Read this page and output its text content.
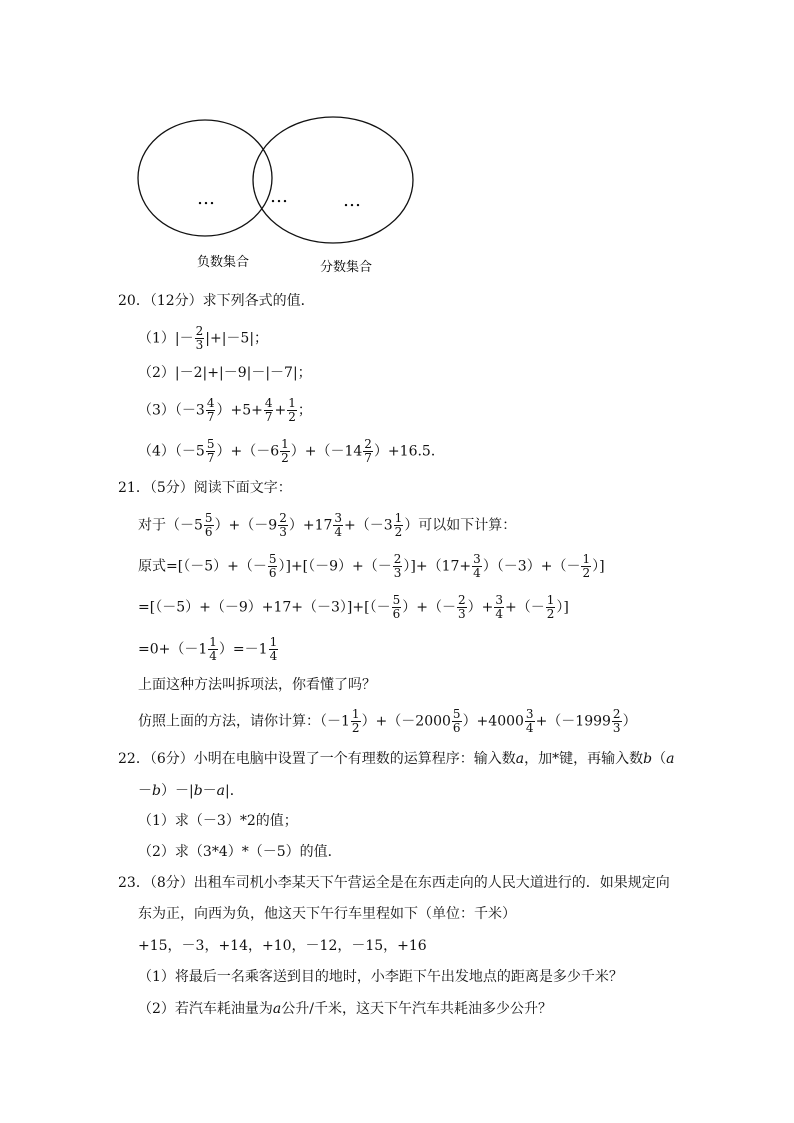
…	…	…
负数集合	分数集合
20．（12分）求下列各式的值．
$(1)|- \frac{2}{3} |+|-5|$；
（2）|－2|+|－9|－|－7|；
$(3)(-3 \frac{4}{7} )+5+ \frac{4}{7} + \frac{1}{2}$ ；
$(4)(-5 \frac{5}{7} )+(-6 \frac{1}{2} )+(-14 \frac{2}{7} )+16.5$．
21．（5分）阅读下面文字：
对于$(-5 \frac{5}{6} )+(-9 \frac{2}{3} )+17 \frac{3}{4} +(-3 \frac{1}{2}$ ）可以如下计算：
原式$=[(-5)+(- \frac{5}{6} )]+[(-9)+(- \frac{2}{3} )]+(17+ \frac{3}{4} )(-3)+(- \frac{1}{2}$ ）]
$=[(-5)+(-9)+17+(-3)]+[(- \frac{5}{6}$ ）+（－ $\frac{2}{3}$ ）+ $\frac{3}{4}$ +（－ $\frac{1}{2}$ ）]
$=0+(-1 \frac{1}{4} )=-1 \frac{1}{4}$
上面这种方法叫拆项法，你看懂了吗？
仿照上面的方法，请你计算：$(-1 \frac{1}{2} )+(-2000 \frac{5}{6} )+4000 \frac{3}{4} +(-1999 \frac{2}{3}$ ）
22．（6分）小明在电脑中设置了一个有理数的运算程序：输入数a，加*键，再输入数b（a
－b）－|b－a|．
（1）求（－3）*2的值；
（2）求（3*4）*（－5）的值．
23．（8分）出租车司机小李某天下午营运全是在东西走向的人民大道进行的．如果规定向
东为正，向西为负，他这天下午行车里程如下（单位：千米）
+15，－3，+14，+10，－12，－15，+16
（1）将最后一名乘客送到目的地时，小李距下午出发地点的距离是多少千米？
（2）若汽车耗油量为a公升/千米，这天下午汽车共耗油多少公升？
